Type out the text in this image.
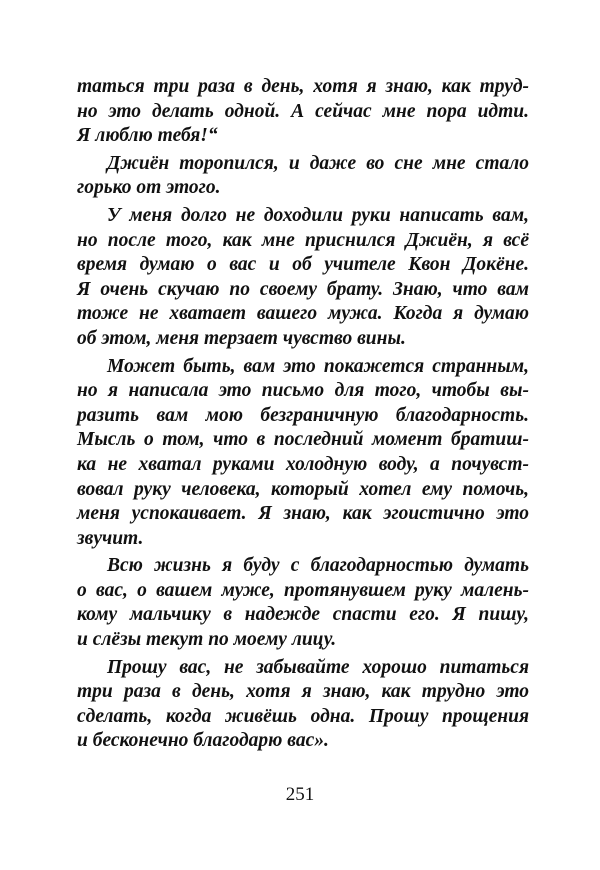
таться три раза в день, хотя я знаю, как труд-
но это делать одной. А сейчас мне пора идти.
Я люблю тебя!“
Джиён торопился, и даже во сне мне стало
горько от этого.
У меня долго не доходили руки написать вам,
но после того, как мне приснился Джиён, я всё
время думаю о вас и об учителе Квон Докёне.
Я очень скучаю по своему брату. Знаю, что вам
тоже не хватает вашего мужа. Когда я думаю
об этом, меня терзает чувство вины.
Может быть, вам это покажется странным,
но я написала это письмо для того, чтобы вы-
разить вам мою безграничную благодарность.
Мысль о том, что в последний момент братиш-
ка не хватал руками холодную воду, а почувст-
вовал руку человека, который хотел ему помочь,
меня успокаивает. Я знаю, как эгоистично это
звучит.
Всю жизнь я буду с благодарностью думать
о вас, о вашем муже, протянувшем руку малень-
кому мальчику в надежде спасти его. Я пишу,
и слёзы текут по моему лицу.
Прошу вас, не забывайте хорошо питаться
три раза в день, хотя я знаю, как трудно это
сделать, когда живёшь одна. Прошу прощения
и бесконечно благодарю вас».
251
